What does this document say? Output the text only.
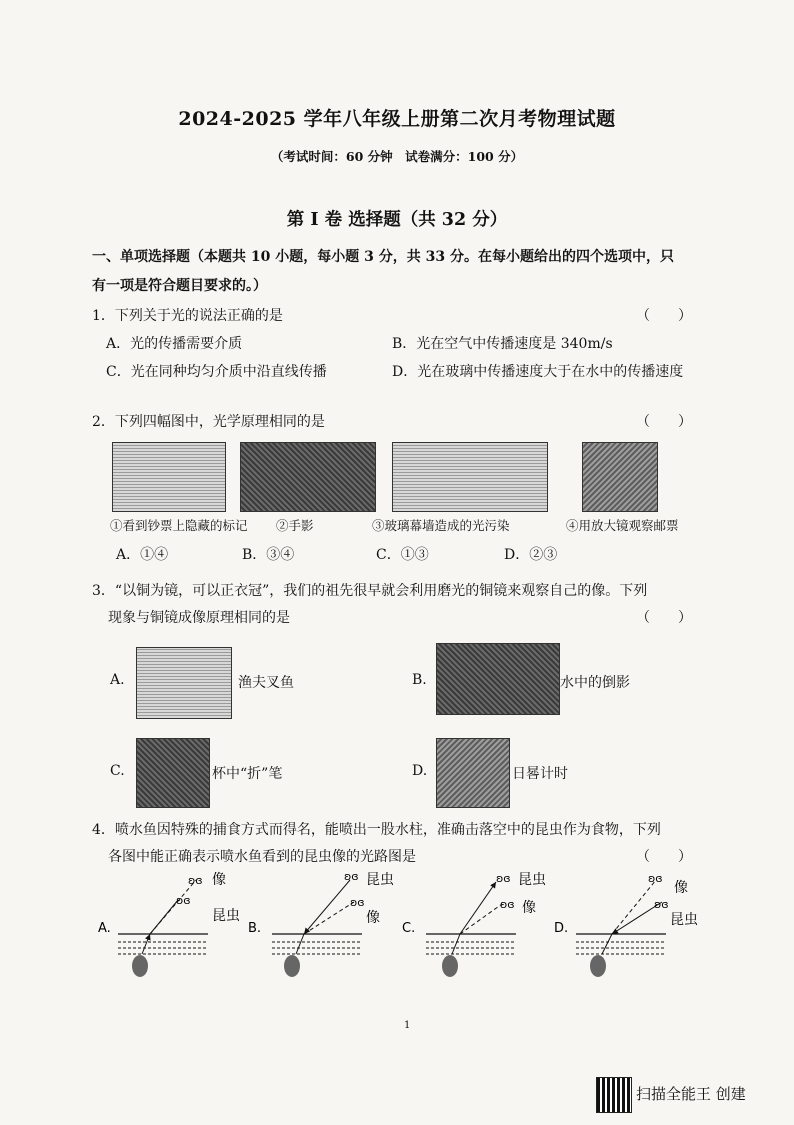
2024-2025 学年八年级上册第二次月考物理试题
（考试时间：60 分钟　试卷满分：100 分）
第 I 卷 选择题（共 32 分）
一、单项选择题（本题共 10 小题，每小题 3 分，共 33 分。在每小题给出的四个选项中，只
有一项是符合题目要求的。）
1．下列关于光的说法正确的是	（　　）
A．光的传播需要介质	B．光在空气中传播速度是 340m/s
C．光在同种均匀介质中沿直线传播	D．光在玻璃中传播速度大于在水中的传播速度
2．下列四幅图中，光学原理相同的是	（　　）
①看到钞票上隐藏的标记 ②手影	③玻璃幕墙造成的光污染	④用放大镜观察邮票
A．①④	B．③④	C．①③	D．②③
3．“以铜为镜，可以正衣冠”，我们的祖先很早就会利用磨光的铜镜来观察自己的像。下列
现象与铜镜成像原理相同的是	（　　）
A.	渔夫叉鱼	B.	水中的倒影
C.	杯中“折”笔	D.	日晷计时
4．喷水鱼因特殊的捕食方式而得名，能喷出一股水柱，准确击落空中的昆虫作为食物，下列
各图中能正确表示喷水鱼看到的昆虫像的光路图是	（　　）
A.
ʚɞ
ʚɞ
像
昆虫
B.
ʚɞ
ʚɞ
昆虫
像
C.
ʚɞ
ʚɞ
昆虫
像
D.
ʚɞ
ʚɞ
像
昆虫
1
扫描全能王 创建
